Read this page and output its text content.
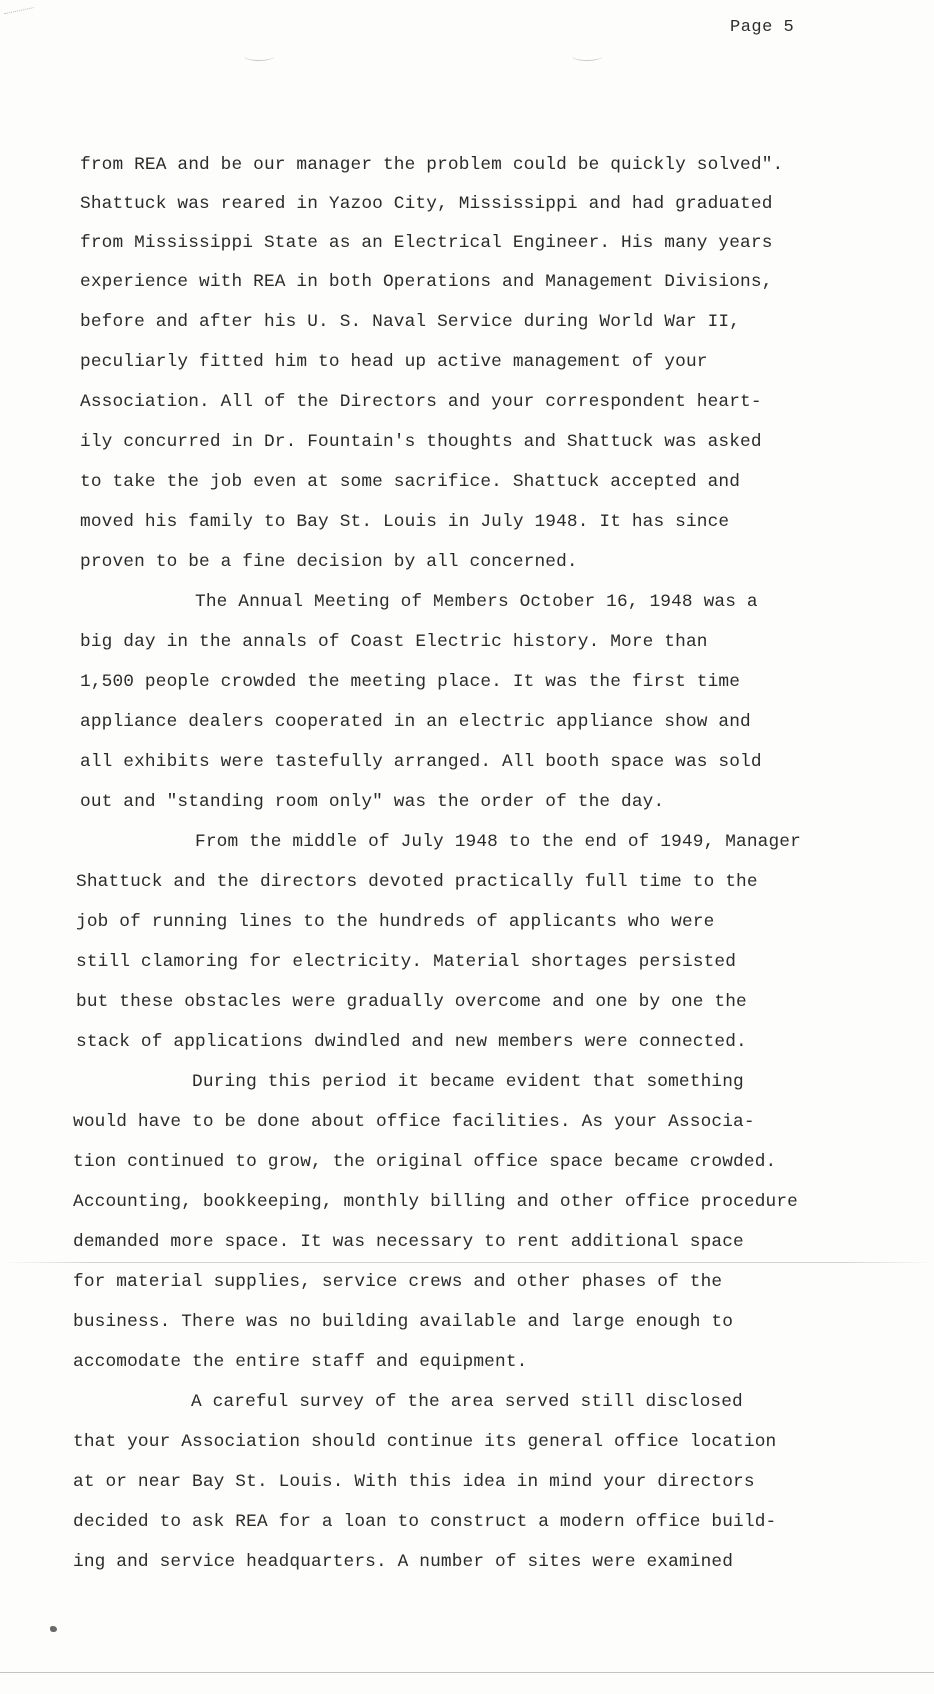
Page 5
from REA and be our manager the problem could be quickly solved".
Shattuck was reared in Yazoo City, Mississippi and had graduated
from Mississippi State as an Electrical Engineer. His many years
experience with REA in both Operations and Management Divisions,
before and after his U. S. Naval Service during World War II,
peculiarly fitted him to head up active management of your
Association. All of the Directors and your correspondent heart-
ily concurred in Dr. Fountain's thoughts and Shattuck was asked
to take the job even at some sacrifice. Shattuck accepted and
moved his family to Bay St. Louis in July 1948. It has since
proven to be a fine decision by all concerned.
The Annual Meeting of Members October 16, 1948 was a
big day in the annals of Coast Electric history. More than
1,500 people crowded the meeting place. It was the first time
appliance dealers cooperated in an electric appliance show and
all exhibits were tastefully arranged. All booth space was sold
out and "standing room only" was the order of the day.
From the middle of July 1948 to the end of 1949, Manager
Shattuck and the directors devoted practically full time to the
job of running lines to the hundreds of applicants who were
still clamoring for electricity. Material shortages persisted
but these obstacles were gradually overcome and one by one the
stack of applications dwindled and new members were connected.
During this period it became evident that something
would have to be done about office facilities. As your Associa-
tion continued to grow, the original office space became crowded.
Accounting, bookkeeping, monthly billing and other office procedure
demanded more space. It was necessary to rent additional space
for material supplies, service crews and other phases of the
business. There was no building available and large enough to
accomodate the entire staff and equipment.
A careful survey of the area served still disclosed
that your Association should continue its general office location
at or near Bay St. Louis. With this idea in mind your directors
decided to ask REA for a loan to construct a modern office build-
ing and service headquarters. A number of sites were examined
